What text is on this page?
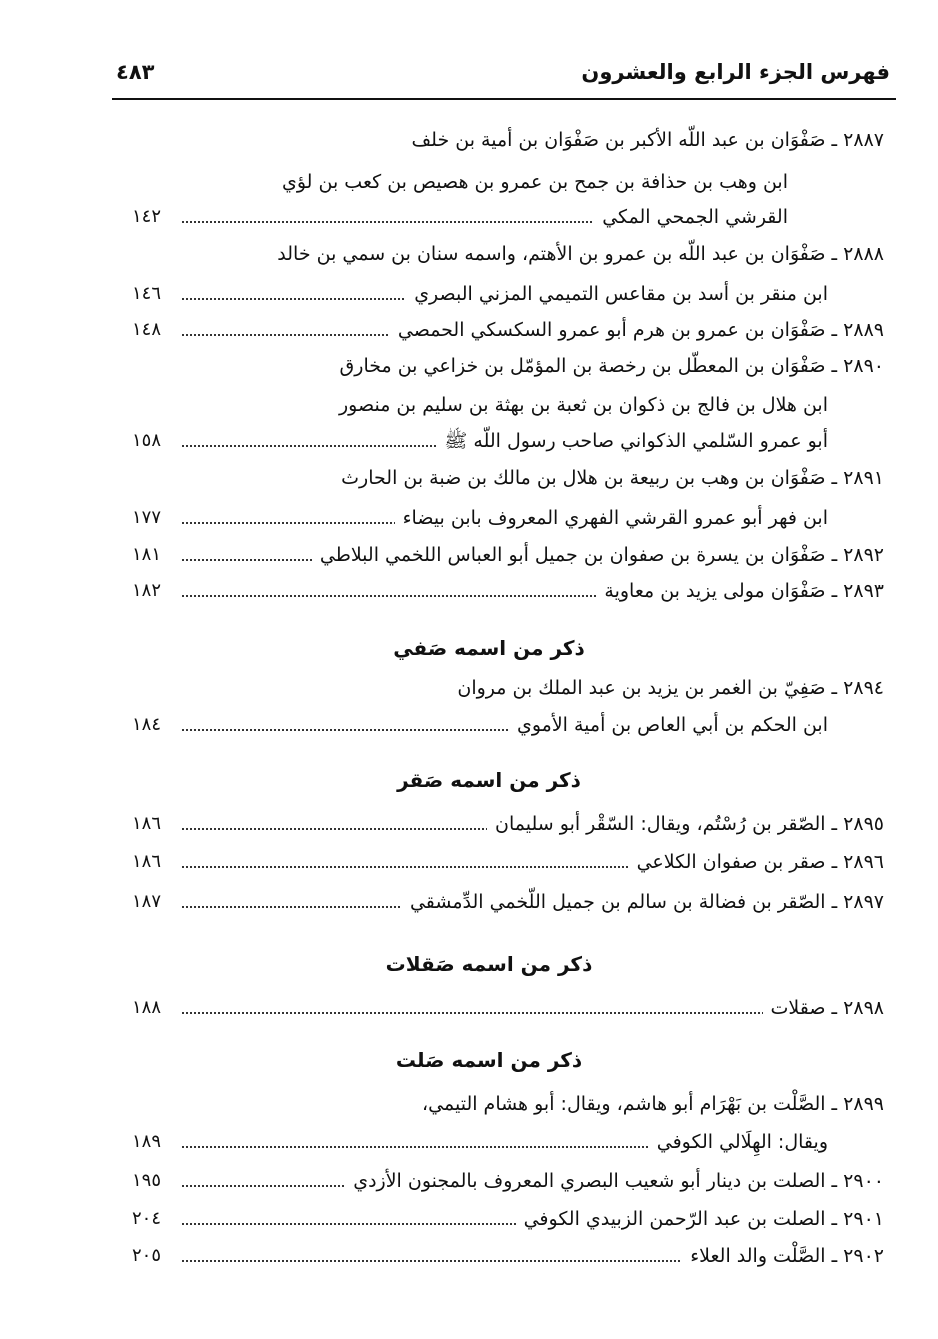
فهرس الجزء الرابع والعشرون
٤٨٣
٢٨٨٧ ـ صَفْوَان بن عبد اللّه الأكبر بن صَفْوَان بن أمية بن خلف
ابن وهب بن حذافة بن جمح بن عمرو بن هصيص بن كعب بن لؤي
القرشي الجمحي المكي
١٤٢
٢٨٨٨ ـ صَفْوَان بن عبد اللّه بن عمرو بن الأهتم، واسمه سنان بن سمي بن خالد
ابن منقر بن أسد بن مقاعس التميمي المزني البصري
١٤٦
٢٨٨٩ ـ صَفْوَان بن عمرو بن هرم أبو عمرو السكسكي الحمصي
١٤٨
٢٨٩٠ ـ صَفْوَان بن المعطّل بن رخصة بن المؤمّل بن خزاعي بن مخارق
ابن هلال بن فالج بن ذكوان بن ثعبة بن بهثة بن سليم بن منصور
أبو عمرو السّلمي الذكواني صاحب رسول اللّه ﷺ
١٥٨
٢٨٩١ ـ صَفْوَان بن وهب بن ربيعة بن هلال بن مالك بن ضبة بن الحارث
ابن فهر أبو عمرو القرشي الفهري المعروف بابن بيضاء
١٧٧
٢٨٩٢ ـ صَفْوَان بن يسرة بن صفوان بن جميل أبو العباس اللخمي البلاطي
١٨١
٢٨٩٣ ـ صَفْوَان مولى يزيد بن معاوية
١٨٢
ذكر من اسمه صَفي
٢٨٩٤ ـ صَفِيّ بن الغمر بن يزيد بن عبد الملك بن مروان
ابن الحكم بن أبي العاص بن أمية الأموي
١٨٤
ذكر من اسمه صَقر
٢٨٩٥ ـ الصّقر بن رُسْتُم، ويقال: السّقْر أبو سليمان
١٨٦
٢٨٩٦ ـ صقر بن صفوان الكلاعي
١٨٦
٢٨٩٧ ـ الصّقر بن فضالة بن سالم بن جميل اللّخمي الدِّمشقي
١٨٧
ذكر من اسمه صَقلات
٢٨٩٨ ـ صقلات
١٨٨
ذكر من اسمه صَلت
٢٨٩٩ ـ الصَّلْت بن بَهْرَام أبو هاشم، ويقال: أبو هشام التيمي،
ويقال: الهِلَالي الكوفي
١٨٩
٢٩٠٠ ـ الصلت بن دينار أبو شعيب البصري المعروف بالمجنون الأزدي
١٩٥
٢٩٠١ ـ الصلت بن عبد الرّحمن الزبيدي الكوفي
٢٠٤
٢٩٠٢ ـ الصَّلْت والد العلاء
٢٠٥
